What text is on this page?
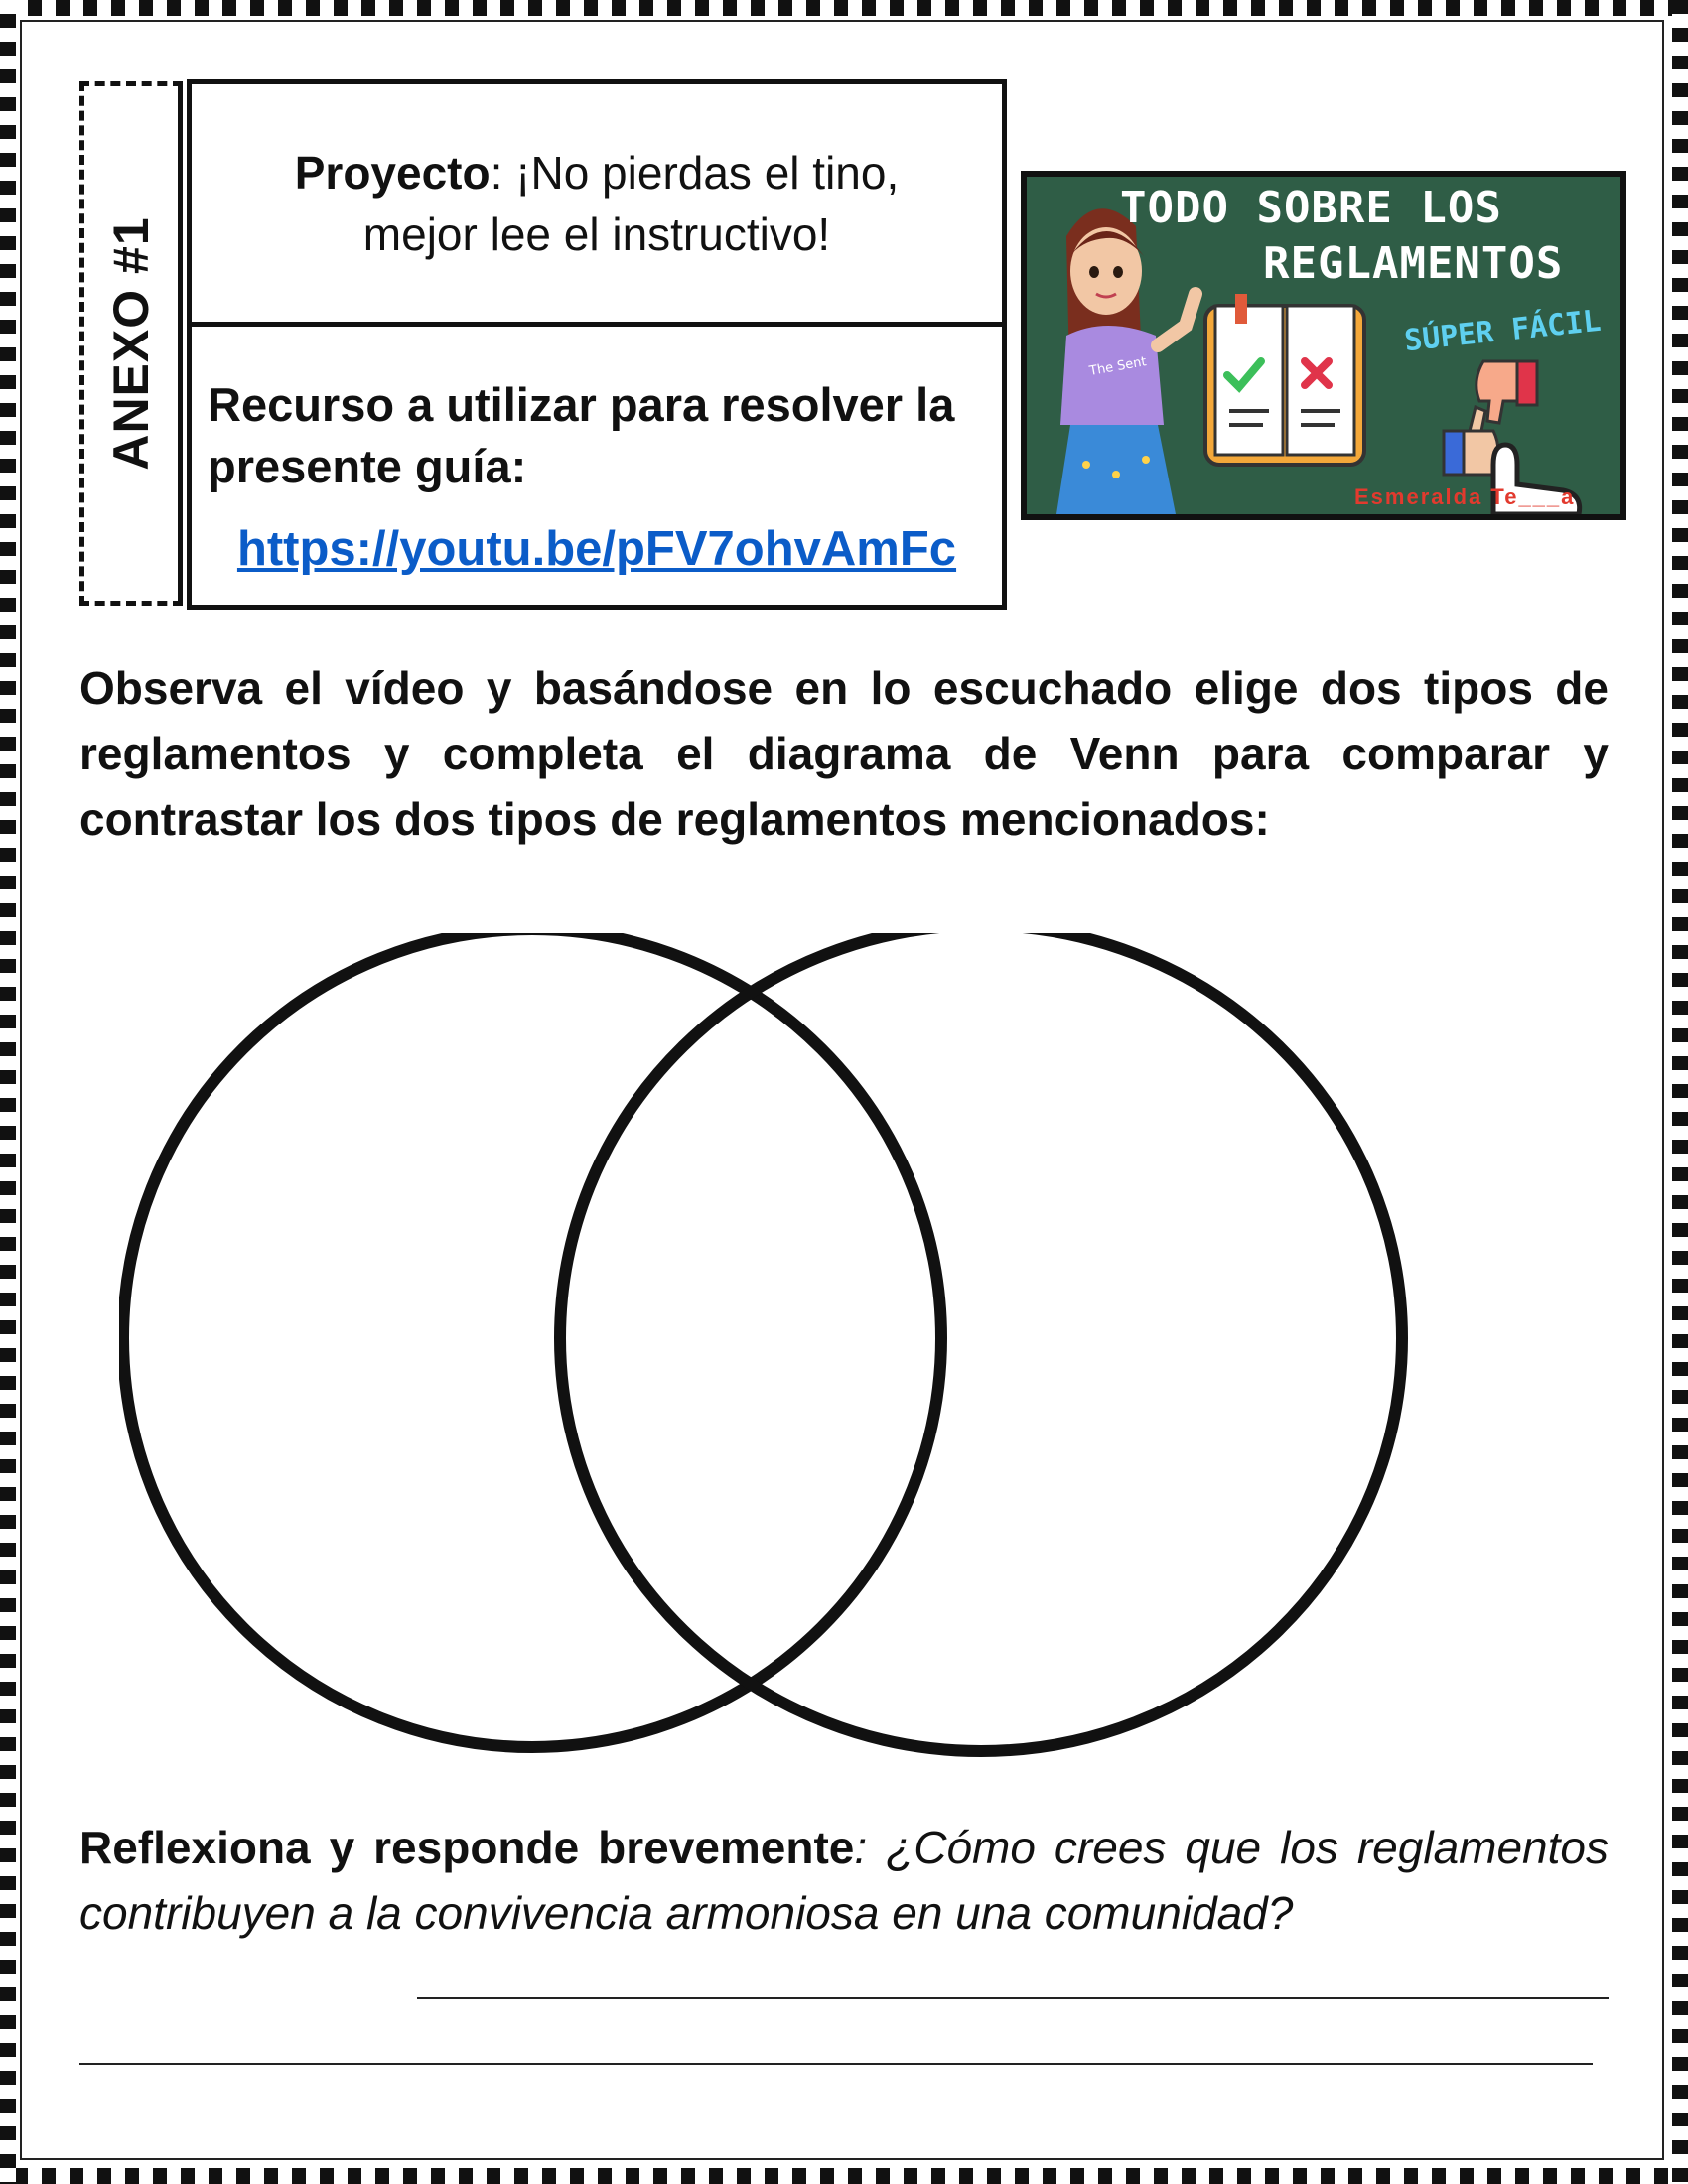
ANEXO #1
Proyecto: ¡No pierdas el tino, mejor lee el instructivo!
Recurso a utilizar para resolver la presente guía:
https://youtu.be/pFV7ohvAmFc
The Sent
TODO SOBRE LOS
REGLAMENTOS
SÚPER FÁCIL
Esmeralda Te___a
Observa el vídeo y basándose en lo escuchado elige dos tipos de reglamentos y completa el diagrama de Venn para comparar y contrastar los dos tipos de reglamentos mencionados:
Reflexiona y responde brevemente: ¿Cómo crees que los reglamentos contribuyen a la convivencia armoniosa en una comunidad?
